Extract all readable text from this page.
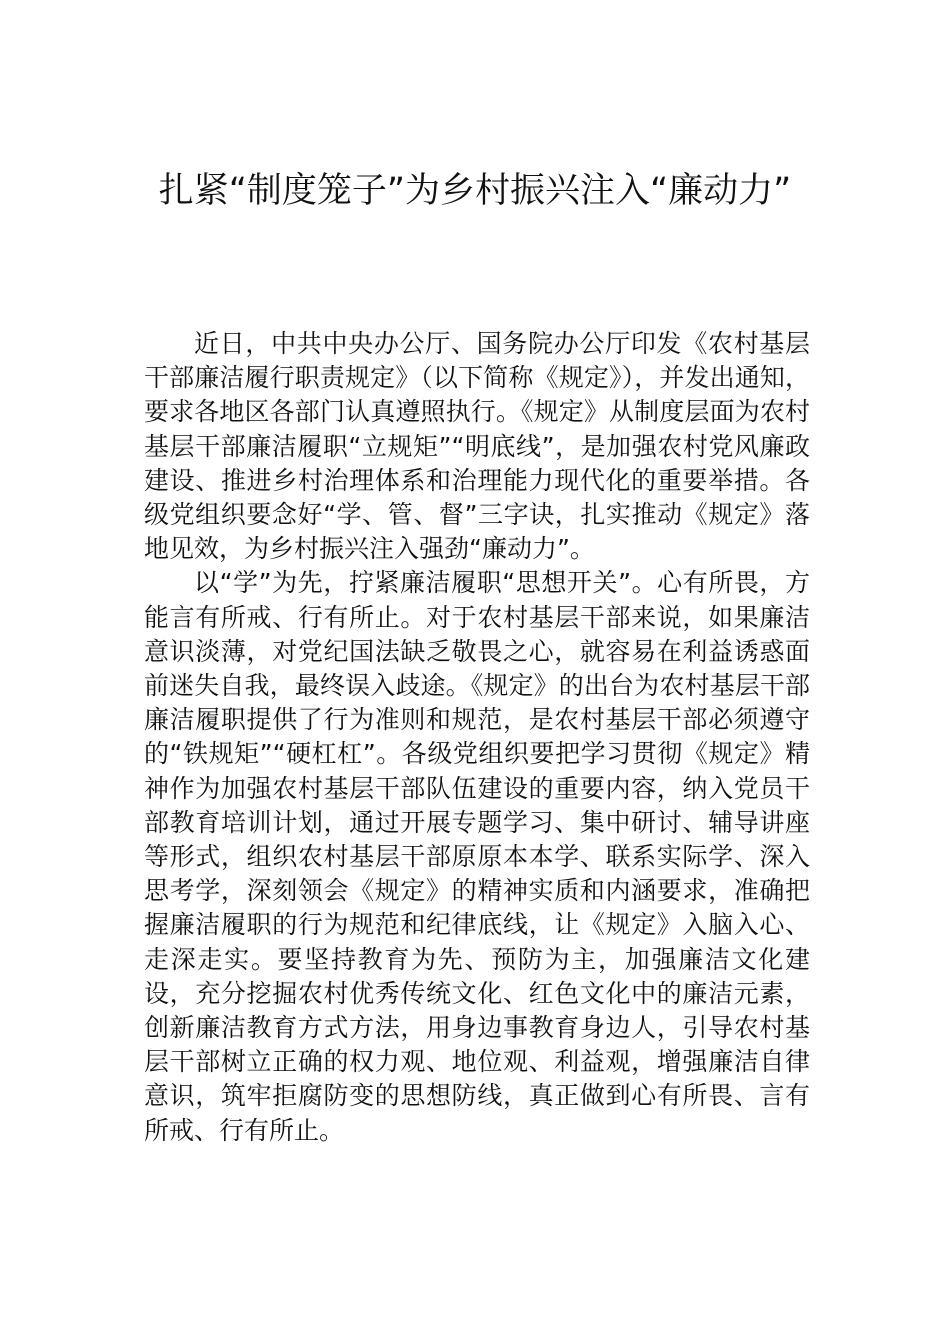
扎紧“制度笼子”为乡村振兴注入“廉动力”

近日，中共中央办公厅、国务院办公厅印发《农村基层干部廉洁履行职责规定》（以下简称《规定》），并发出通知，要求各地区各部门认真遵照执行。《规定》从制度层面为农村基层干部廉洁履职“立规矩”“明底线”，是加强农村党风廉政建设、推进乡村治理体系和治理能力现代化的重要举措。各级党组织要念好“学、管、督”三字诀，扎实推动《规定》落地见效，为乡村振兴注入强劲“廉动力”。

以“学”为先，拧紧廉洁履职“思想开关”。心有所畏，方能言有所戒、行有所止。对于农村基层干部来说，如果廉洁意识淡薄，对党纪国法缺乏敬畏之心，就容易在利益诱惑面前迷失自我，最终误入歧途。《规定》的出台为农村基层干部廉洁履职提供了行为准则和规范，是农村基层干部必须遵守的“铁规矩”“硬杠杠”。各级党组织要把学习贯彻《规定》精神作为加强农村基层干部队伍建设的重要内容，纳入党员干部教育培训计划，通过开展专题学习、集中研讨、辅导讲座等形式，组织农村基层干部原原本本学、联系实际学、深入思考学，深刻领会《规定》的精神实质和内涵要求，准确把握廉洁履职的行为规范和纪律底线，让《规定》入脑入心、走深走实。要坚持教育为先、预防为主，加强廉洁文化建设，充分挖掘农村优秀传统文化、红色文化中的廉洁元素，创新廉洁教育方式方法，用身边事教育身边人，引导农村基层干部树立正确的权力观、地位观、利益观，增强廉洁自律意识，筑牢拒腐防变的思想防线，真正做到心有所畏、言有所戒、行有所止。
